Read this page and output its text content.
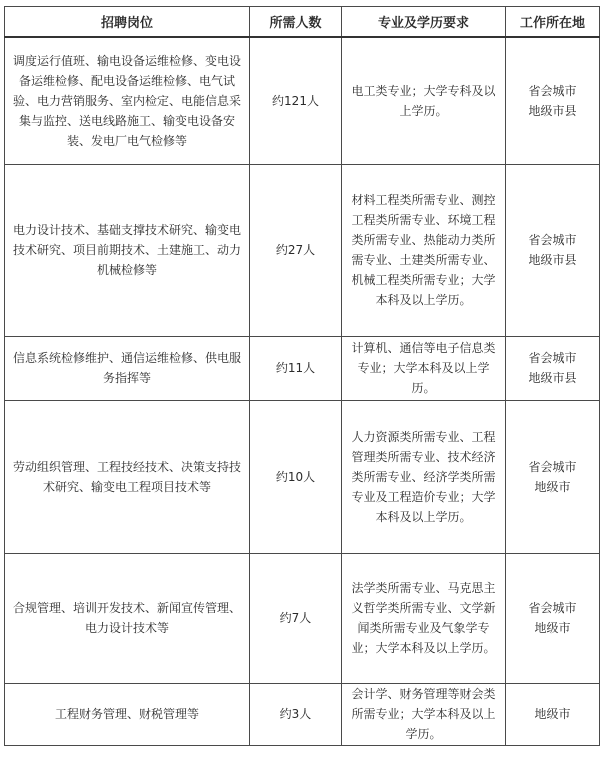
招聘岗位	所需人数	专业及学历要求	工作所在地
调度运行值班、输电设备运维检修、变电设备运维检修、配电设备运维检修、电气试验、电力营销服务、室内检定、电能信息采集与监控、送电线路施工、输变电设备安装、发电厂电气检修等	约121人	电工类专业；大学专科及以上学历。	省会城市地级市县
电力设计技术、基础支撑技术研究、输变电技术研究、项目前期技术、土建施工、动力机械检修等	约27人	材料工程类所需专业、测控工程类所需专业、环境工程类所需专业、热能动力类所需专业、土建类所需专业、机械工程类所需专业；大学本科及以上学历。	省会城市地级市县
信息系统检修维护、通信运维检修、供电服务指挥等	约11人	计算机、通信等电子信息类专业；大学本科及以上学历。	省会城市地级市县
劳动组织管理、工程技经技术、决策支持技术研究、输变电工程项目技术等	约10人	人力资源类所需专业、工程管理类所需专业、技术经济类所需专业、经济学类所需专业及工程造价专业；大学本科及以上学历。	省会城市地级市
合规管理、培训开发技术、新闻宣传管理、电力设计技术等	约7人	法学类所需专业、马克思主义哲学类所需专业、文学新闻类所需专业及气象学专业；大学本科及以上学历。	省会城市地级市
工程财务管理、财税管理等	约3人	会计学、财务管理等财会类所需专业；大学本科及以上学历。	地级市
